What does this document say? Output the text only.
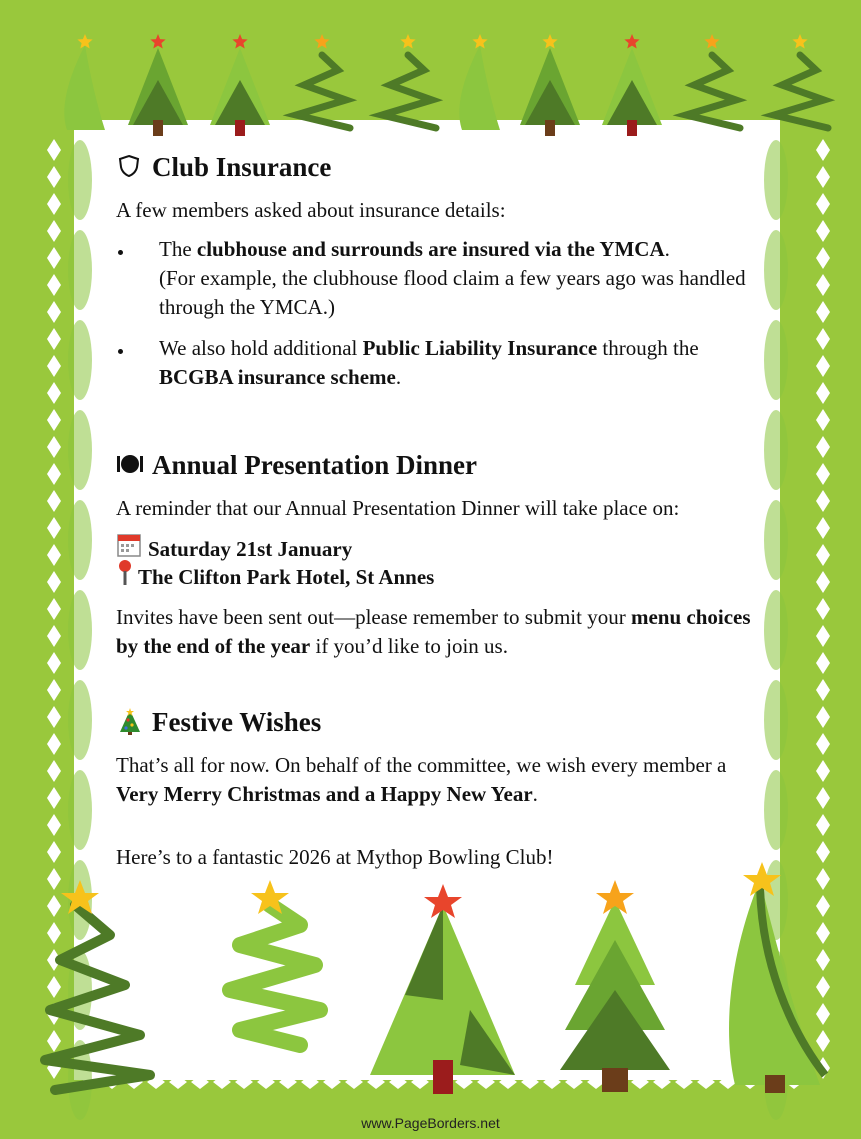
Club Insurance

A few members asked about insurance details:

The clubhouse and surrounds are insured via the YMCA.
(For example, the clubhouse flood claim a few years ago was handled through the YMCA.)
We also hold additional Public Liability Insurance through the BCGBA insurance scheme.
Annual Presentation Dinner

A reminder that our Annual Presentation Dinner will take place on:

Saturday 21st January
The Clifton Park Hotel, St Annes

Invites have been sent out—please remember to submit your menu choices by the end of the year if you’d like to join us.

Festive Wishes

That’s all for now. On behalf of the committee, we wish every member a Very Merry Christmas and a Happy New Year.

Here’s to a fantastic 2026 at Mythop Bowling Club!

www.PageBorders.net
